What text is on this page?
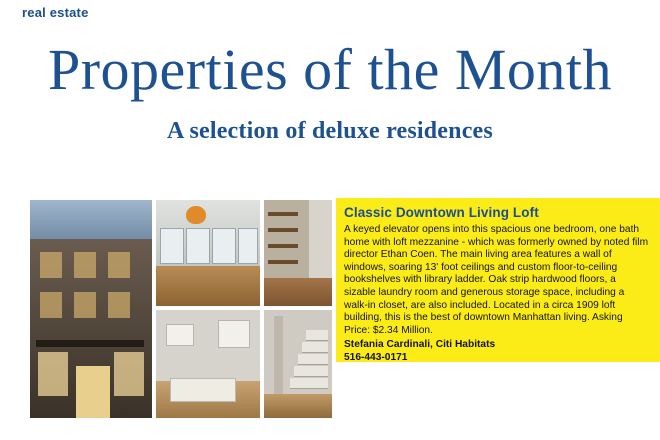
real estate
Properties of the Month
A selection of deluxe residences
Classic Downtown Living Loft

A keyed elevator opens into this spacious one bedroom, one bath home with loft mezzanine - which was formerly owned by noted film director Ethan Coen. The main living area features a wall of windows, soaring 13' foot ceilings and custom floor-to-ceiling bookshelves with library ladder. Oak strip hardwood floors, a sizable laundry room and generous storage space, including a walk-in closet, are also included. Located in a circa 1909 loft building, this is the best of downtown Manhattan living. Asking Price: $2.34 Million.

Stefania Cardinali, Citi Habitats
516-443-0171
